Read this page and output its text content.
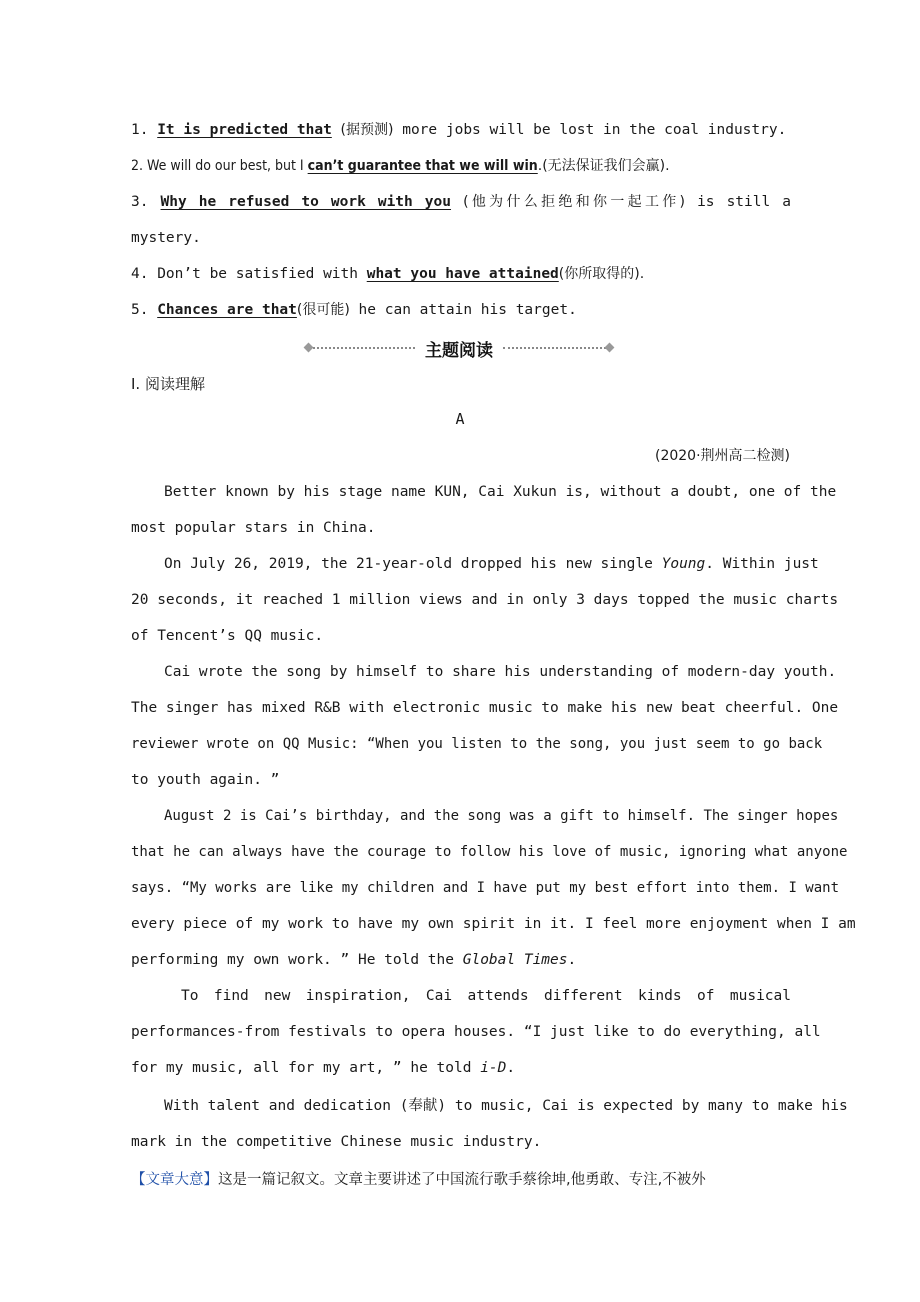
1. It is predicted that (据预测) more jobs will be lost in the coal industry.
2. We will do our best, but I can’t guarantee that we will win.(无法保证我们会赢).
3. Why he refused to work with you (他为什么拒绝和你一起工作) is still a
mystery.
4. Don’t be satisfied with what you have attained(你所取得的).
5. Chances are that(很可能) he can attain his target.
主题阅读
Ⅰ. 阅读理解
A
(2020·荆州高二检测)
Better known by his stage name KUN, Cai Xukun is, without a doubt, one of the
most popular stars in China.
On July 26, 2019, the 21-year-old dropped his new single Young. Within just
20 seconds, it reached 1 million views and in only 3 days topped the music charts
of Tencent’s QQ music.
Cai wrote the song by himself to share his understanding of modern-day youth.
The singer has mixed R&B with electronic music to make his new beat cheerful. One
reviewer wrote on QQ Music: “When you listen to the song, you just seem to go back
to youth again. ”
August 2 is Cai’s birthday, and the song was a gift to himself. The singer hopes
that he can always have the courage to follow his love of music, ignoring what anyone
says. “My works are like my children and I have put my best effort into them. I want
every piece of my work to have my own spirit in it. I feel more enjoyment when I am
performing my own work. ” He told the Global Times.
To find new inspiration, Cai attends different kinds of musical
performances-from festivals to opera houses. “I just like to do everything, all
for my music, all for my art, ” he told i-D.
With talent and dedication (奉献) to music, Cai is expected by many to make his
mark in the competitive Chinese music industry.
【文章大意】这是一篇记叙文。文章主要讲述了中国流行歌手蔡徐坤,他勇敢、专注,不被外
